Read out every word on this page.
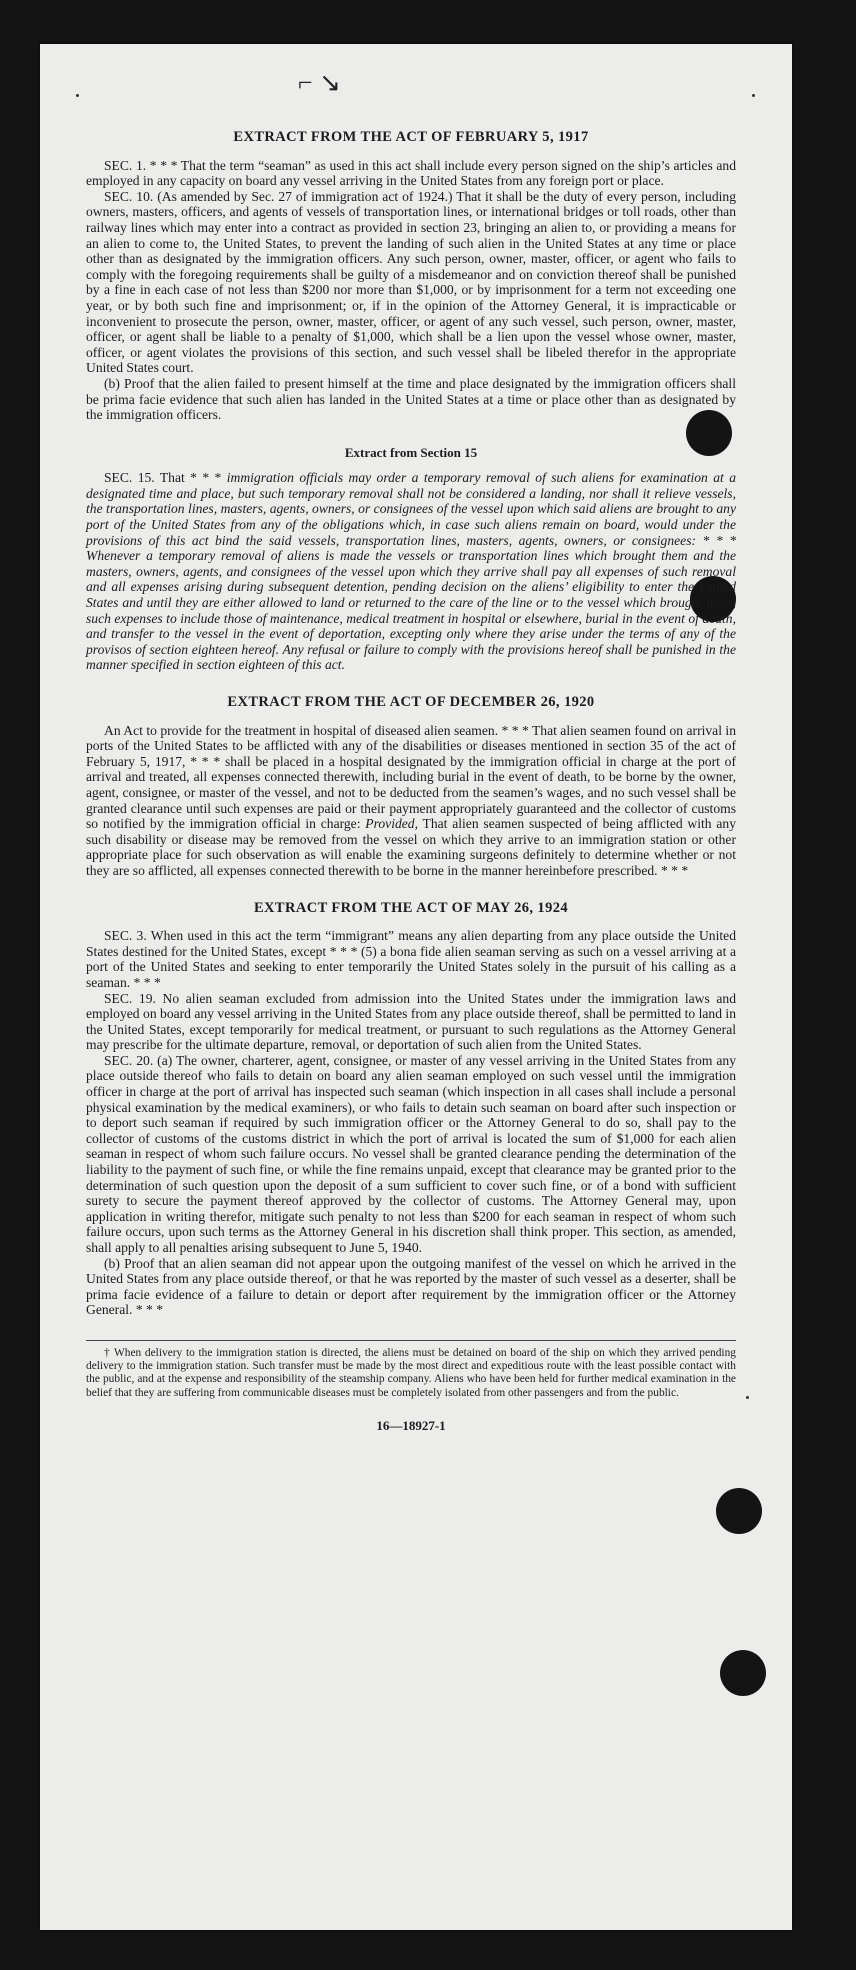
⌐ ↘
EXTRACT FROM THE ACT OF FEBRUARY 5, 1917

SEC. 1. * * * That the term “seaman” as used in this act shall include every person signed on the ship’s articles and employed in any capacity on board any vessel arriving in the United States from any foreign port or place.

SEC. 10. (As amended by Sec. 27 of immigration act of 1924.) That it shall be the duty of every person, including owners, masters, officers, and agents of vessels of transportation lines, or international bridges or toll roads, other than railway lines which may enter into a contract as provided in section 23, bringing an alien to, or providing a means for an alien to come to, the United States, to prevent the landing of such alien in the United States at any time or place other than as designated by the immigration officers. Any such person, owner, master, officer, or agent who fails to comply with the foregoing requirements shall be guilty of a misdemeanor and on conviction thereof shall be punished by a fine in each case of not less than $200 nor more than $1,000, or by imprisonment for a term not exceeding one year, or by both such fine and imprisonment; or, if in the opinion of the Attorney General, it is impracticable or inconvenient to prosecute the person, owner, master, officer, or agent of any such vessel, such person, owner, master, officer, or agent shall be liable to a penalty of $1,000, which shall be a lien upon the vessel whose owner, master, officer, or agent violates the provisions of this section, and such vessel shall be libeled therefor in the appropriate United States court.

(b) Proof that the alien failed to present himself at the time and place designated by the immigration officers shall be prima facie evidence that such alien has landed in the United States at a time or place other than as designated by the immigration officers.

Extract from Section 15

SEC. 15. That * * * immigration officials may order a temporary removal of such aliens for examination at a designated time and place, but such temporary removal shall not be considered a landing, nor shall it relieve vessels, the transportation lines, masters, agents, owners, or consignees of the vessel upon which said aliens are brought to any port of the United States from any of the obligations which, in case such aliens remain on board, would under the provisions of this act bind the said vessels, transportation lines, masters, agents, owners, or consignees: * * * Whenever a temporary removal of aliens is made the vessels or transportation lines which brought them and the masters, owners, agents, and consignees of the vessel upon which they arrive shall pay all expenses of such removal and all expenses arising during subsequent detention, pending decision on the aliens’ eligibility to enter the United States and until they are either allowed to land or returned to the care of the line or to the vessel which brought them, such expenses to include those of maintenance, medical treatment in hospital or elsewhere, burial in the event of death, and transfer to the vessel in the event of deportation, excepting only where they arise under the terms of any of the provisos of section eighteen hereof. Any refusal or failure to comply with the provisions hereof shall be punished in the manner specified in section eighteen of this act.

EXTRACT FROM THE ACT OF DECEMBER 26, 1920

An Act to provide for the treatment in hospital of diseased alien seamen. * * * That alien seamen found on arrival in ports of the United States to be afflicted with any of the disabilities or diseases mentioned in section 35 of the act of February 5, 1917, * * * shall be placed in a hospital designated by the immigration official in charge at the port of arrival and treated, all expenses connected therewith, including burial in the event of death, to be borne by the owner, agent, consignee, or master of the vessel, and not to be deducted from the seamen’s wages, and no such vessel shall be granted clearance until such expenses are paid or their payment appropriately guaranteed and the collector of customs so notified by the immigration official in charge: Provided, That alien seamen suspected of being afflicted with any such disability or disease may be removed from the vessel on which they arrive to an immigration station or other appropriate place for such observation as will enable the examining surgeons definitely to determine whether or not they are so afflicted, all expenses connected therewith to be borne in the manner hereinbefore prescribed. * * *

EXTRACT FROM THE ACT OF MAY 26, 1924

SEC. 3. When used in this act the term “immigrant” means any alien departing from any place outside the United States destined for the United States, except * * * (5) a bona fide alien seaman serving as such on a vessel arriving at a port of the United States and seeking to enter temporarily the United States solely in the pursuit of his calling as a seaman. * * *

SEC. 19. No alien seaman excluded from admission into the United States under the immigration laws and employed on board any vessel arriving in the United States from any place outside thereof, shall be permitted to land in the United States, except temporarily for medical treatment, or pursuant to such regulations as the Attorney General may prescribe for the ultimate departure, removal, or deportation of such alien from the United States.

SEC. 20. (a) The owner, charterer, agent, consignee, or master of any vessel arriving in the United States from any place outside thereof who fails to detain on board any alien seaman employed on such vessel until the immigration officer in charge at the port of arrival has inspected such seaman (which inspection in all cases shall include a personal physical examination by the medical examiners), or who fails to detain such seaman on board after such inspection or to deport such seaman if required by such immigration officer or the Attorney General to do so, shall pay to the collector of customs of the customs district in which the port of arrival is located the sum of $1,000 for each alien seaman in respect of whom such failure occurs. No vessel shall be granted clearance pending the determination of the liability to the payment of such fine, or while the fine remains unpaid, except that clearance may be granted prior to the determination of such question upon the deposit of a sum sufficient to cover such fine, or of a bond with sufficient surety to secure the payment thereof approved by the collector of customs. The Attorney General may, upon application in writing therefor, mitigate such penalty to not less than $200 for each seaman in respect of whom such failure occurs, upon such terms as the Attorney General in his discretion shall think proper. This section, as amended, shall apply to all penalties arising subsequent to June 5, 1940.

(b) Proof that an alien seaman did not appear upon the outgoing manifest of the vessel on which he arrived in the United States from any place outside thereof, or that he was reported by the master of such vessel as a deserter, shall be prima facie evidence of a failure to detain or deport after requirement by the immigration officer or the Attorney General. * * *

† When delivery to the immigration station is directed, the aliens must be detained on board of the ship on which they arrived pending delivery to the immigration station. Such transfer must be made by the most direct and expeditious route with the least possible contact with the public, and at the expense and responsibility of the steamship company. Aliens who have been held for further medical examination in the belief that they are suffering from communicable diseases must be completely isolated from other passengers and from the public.

16—18927-1
